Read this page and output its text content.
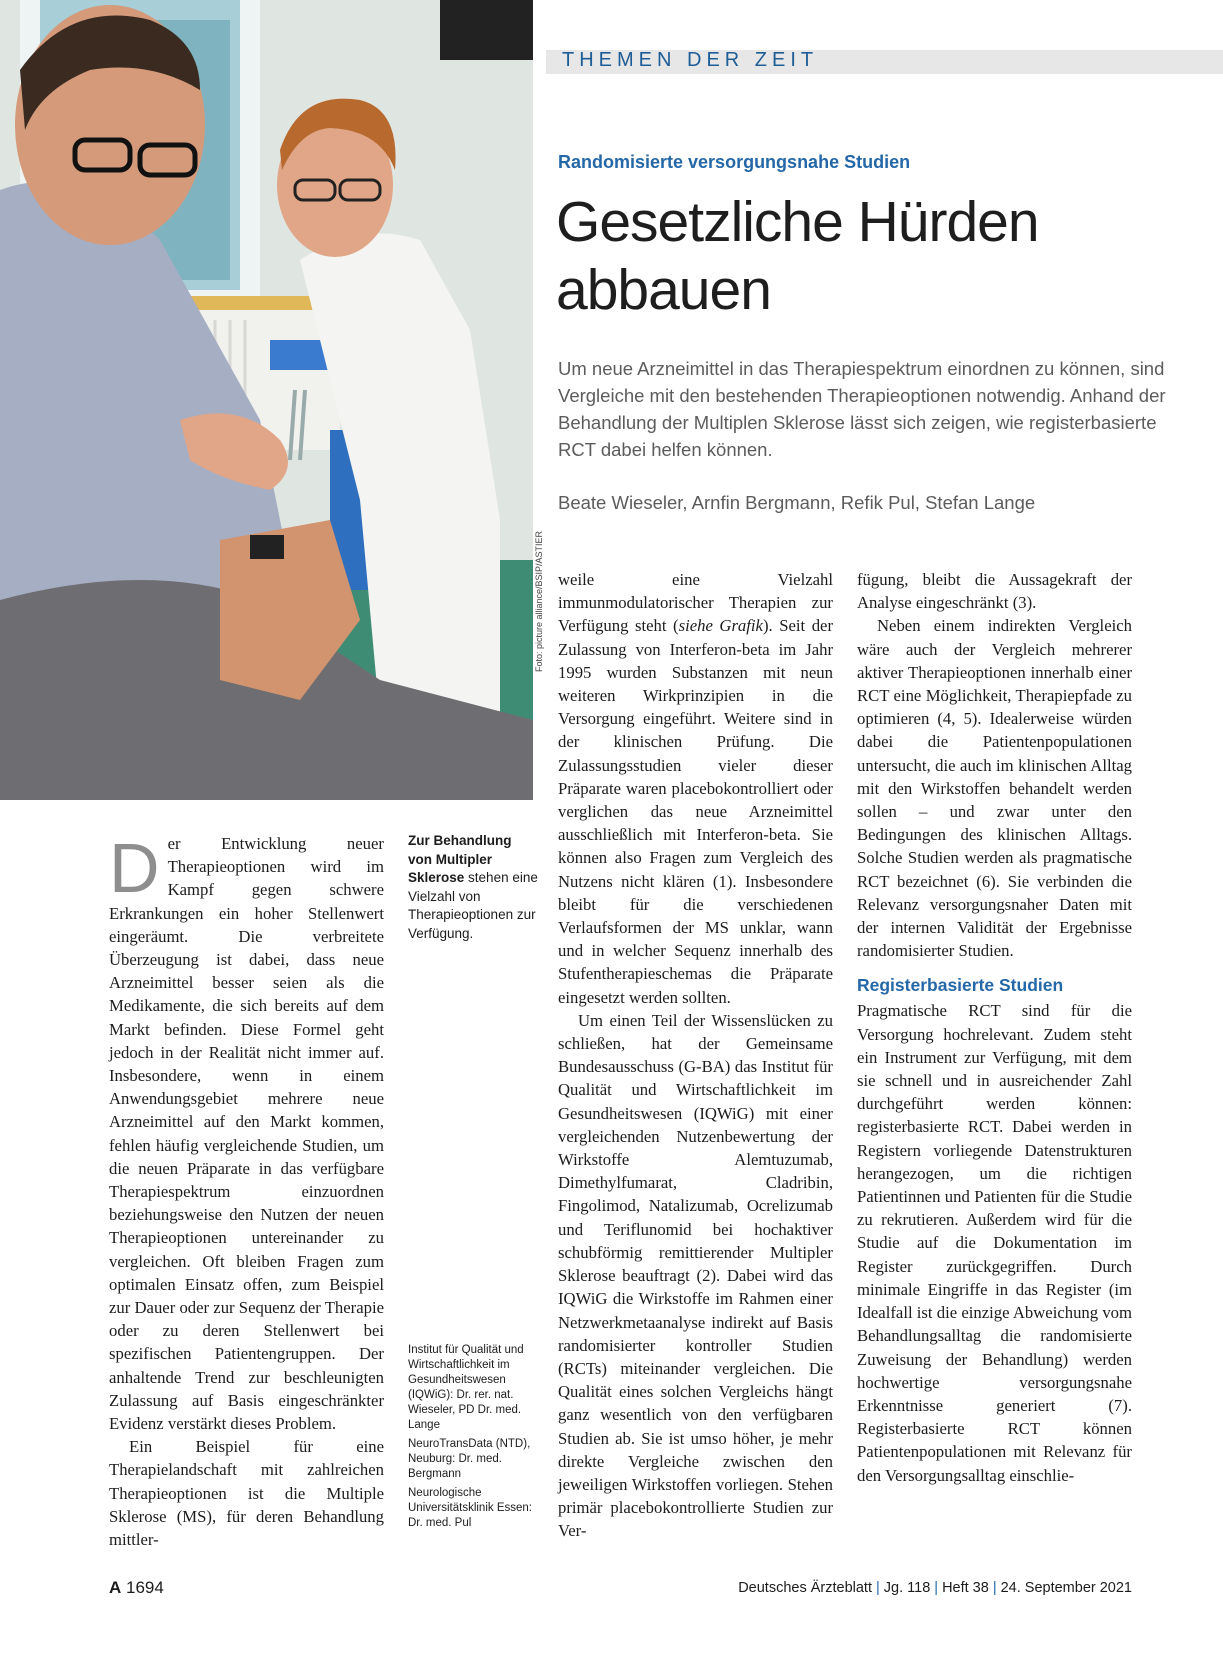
Foto: picture alliance/BSIP/ASTIER
THEMEN DER ZEIT
Randomisierte versorgungsnahe Studien
Gesetzliche Hürden abbauen
Um neue Arzneimittel in das Therapiespektrum einordnen zu können, sind Vergleiche mit den bestehenden Therapieoptionen notwendig. Anhand der Behandlung der Multiplen Sklerose lässt sich zeigen, wie registerbasierte RCT dabei helfen können.
Beate Wieseler, Arnfin Bergmann, Refik Pul, Stefan Lange

Der Entwicklung neuer Therapieoptionen wird im Kampf gegen schwere Erkrankungen ein hoher Stellenwert eingeräumt. Die verbreitete Überzeugung ist dabei, dass neue Arzneimittel besser seien als die Medikamente, die sich bereits auf dem Markt befinden. Diese Formel geht jedoch in der Realität nicht immer auf. Insbesondere, wenn in einem Anwendungsgebiet mehrere neue Arzneimittel auf den Markt kommen, fehlen häufig vergleichende Studien, um die neuen Präparate in das verfügbare Therapiespektrum einzuordnen beziehungsweise den Nutzen der neuen Therapieoptionen untereinander zu vergleichen. Oft bleiben Fragen zum optimalen Einsatz offen, zum Beispiel zur Dauer oder zur Sequenz der Therapie oder zu deren Stellenwert bei spezifischen Patientengruppen. Der anhaltende Trend zur beschleunigten Zulassung auf Basis eingeschränkter Evidenz verstärkt dieses Problem.

Ein Beispiel für eine Therapielandschaft mit zahlreichen Therapieoptionen ist die Multiple Sklerose (MS), für deren Behandlung mittler-

Zur Behandlung von Multipler Sklerose stehen eine Vielzahl von Therapieoptionen zur Verfügung.

Institut für Qualität und Wirtschaftlichkeit im Gesundheitswesen (IQWiG): Dr. rer. nat. Wieseler, PD Dr. med. Lange

NeuroTransData (NTD), Neuburg: Dr. med. Bergmann

Neurologische Universitätsklinik Essen: Dr. med. Pul

weile eine Vielzahl immunmodulatorischer Therapien zur Verfügung steht (siehe Grafik). Seit der Zulassung von Interferon-beta im Jahr 1995 wurden Substanzen mit neun weiteren Wirkprinzipien in die Versorgung eingeführt. Weitere sind in der klinischen Prüfung. Die Zulassungsstudien vieler dieser Präparate waren placebokontrolliert oder verglichen das neue Arzneimittel ausschließlich mit Interferon-beta. Sie können also Fragen zum Vergleich des Nutzens nicht klären (1). Insbesondere bleibt für die verschiedenen Verlaufsformen der MS unklar, wann und in welcher Sequenz innerhalb des Stufentherapieschemas die Präparate eingesetzt werden sollten.

Um einen Teil der Wissenslücken zu schließen, hat der Gemeinsame Bundesausschuss (G-BA) das Institut für Qualität und Wirtschaftlichkeit im Gesundheitswesen (IQWiG) mit einer vergleichenden Nutzenbewertung der Wirkstoffe Alemtuzumab, Dimethylfumarat, Cladribin, Fingolimod, Natalizumab, Ocrelizumab und Teriflunomid bei hochaktiver schubförmig remittierender Multipler Sklerose beauftragt (2). Dabei wird das IQWiG die Wirkstoffe im Rahmen einer Netzwerkmetaanalyse indirekt auf Basis randomisierter kontroller Studien (RCTs) miteinander vergleichen. Die Qualität eines solchen Vergleichs hängt ganz wesentlich von den verfügbaren Studien ab. Sie ist umso höher, je mehr direkte Vergleiche zwischen den jeweiligen Wirkstoffen vorliegen. Stehen primär placebokontrollierte Studien zur Ver-

fügung, bleibt die Aussagekraft der Analyse eingeschränkt (3).

Neben einem indirekten Vergleich wäre auch der Vergleich mehrerer aktiver Therapieoptionen innerhalb einer RCT eine Möglichkeit, Therapiepfade zu optimieren (4, 5). Idealerweise würden dabei die Patientenpopulationen untersucht, die auch im klinischen Alltag mit den Wirkstoffen behandelt werden sollen – und zwar unter den Bedingungen des klinischen Alltags. Solche Studien werden als pragmatische RCT bezeichnet (6). Sie verbinden die Relevanz versorgungsnaher Daten mit der internen Validität der Ergebnisse randomisierter Studien.

Registerbasierte Studien

Pragmatische RCT sind für die Versorgung hochrelevant. Zudem steht ein Instrument zur Verfügung, mit dem sie schnell und in ausreichender Zahl durchgeführt werden können: registerbasierte RCT. Dabei werden in Registern vorliegende Datenstrukturen herangezogen, um die richtigen Patientinnen und Patienten für die Studie zu rekrutieren. Außerdem wird für die Studie auf die Dokumentation im Register zurückgegriffen. Durch minimale Eingriffe in das Register (im Idealfall ist die einzige Abweichung vom Behandlungsalltag die randomisierte Zuweisung der Behandlung) werden hochwertige versorgungsnahe Erkenntnisse generiert (7). Registerbasierte RCT können Patientenpopulationen mit Relevanz für den Versorgungsalltag einschlie-

A 1694	Deutsches Ärzteblatt | Jg. 118 | Heft 38 | 24. September 2021
